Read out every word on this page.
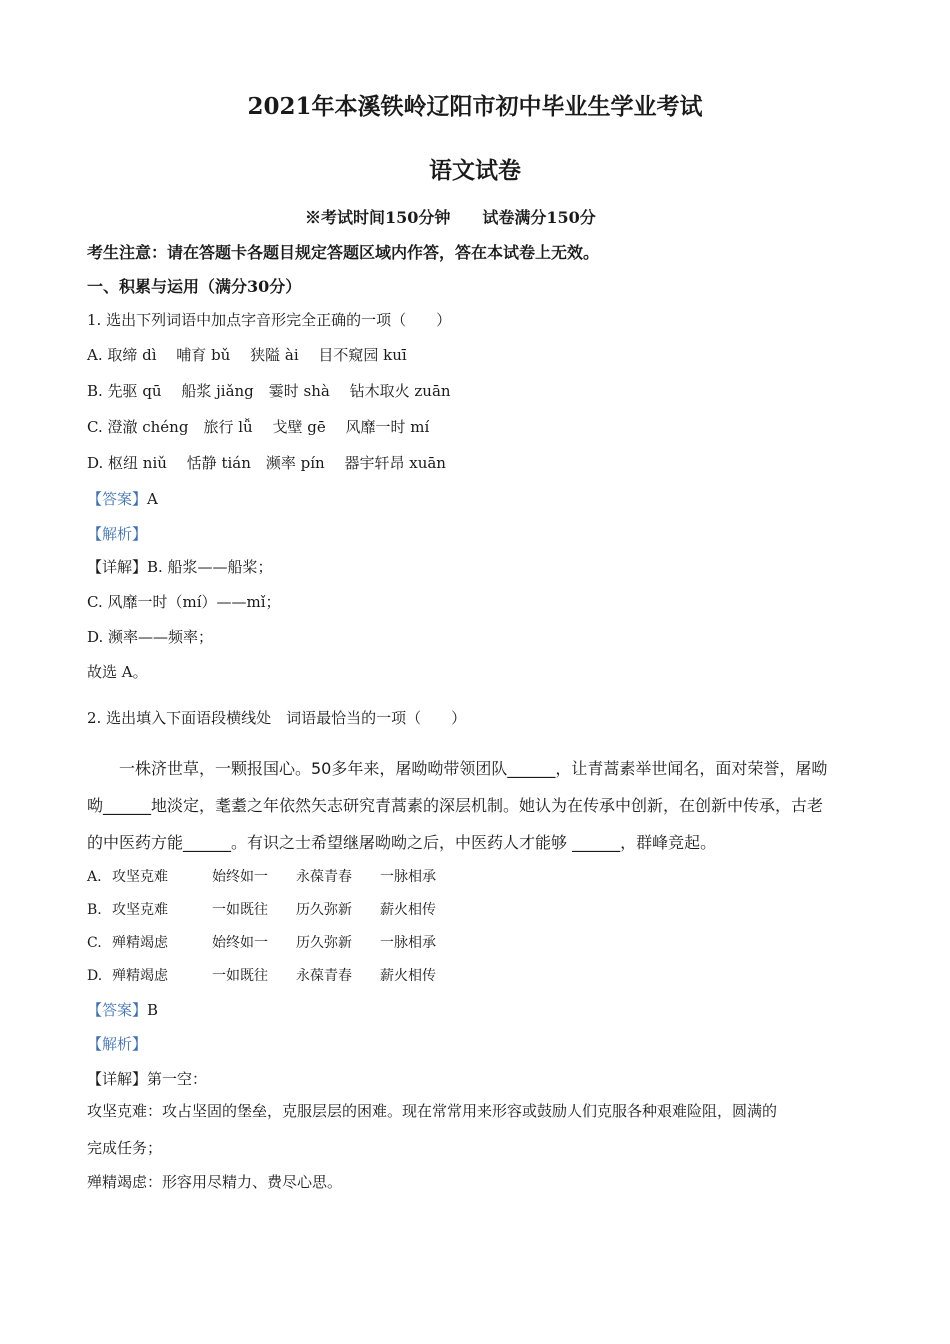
2021年本溪铁岭辽阳市初中毕业生学业考试
语文试卷
※考试时间150分钟　　试卷满分150分
考生注意：请在答题卡各题目规定答题区域内作答，答在本试卷上无效。
一、积累与运用（满分30分）
1. 选出下列词语中加点字音形完全正确的一项（　　）
A. 取缔 dì　 哺育 bǔ　 狭隘 ài　 目不窥园 kuī
B. 先驱 qū　 船浆 jiǎng　霎时 shà　 钻木取火 zuān
C. 澄澈 chéng　旅行 lǚ　 戈壁 gē　 风靡一时 mí
D. 枢纽 niǔ　 恬静 tián　濒率 pín　 器宇轩昂 xuān
【答案】A
【解析】
【详解】B. 船浆——船桨；
C. 风靡一时（mí）——mǐ；
D. 濒率——频率；
故选 A。
2. 选出填入下面语段横线处　词语最恰当的一项（　　）
　　一株济世草，一颗报国心。50多年来，屠呦呦带领团队______，让青蒿素举世闻名，面对荣誉，屠呦
呦______地淡定，耄耋之年依然矢志研究青蒿素的深层机制。她认为在传承中创新，在创新中传承，古老
的中医药方能______。有识之士希望继屠呦呦之后，中医药人才能够 ______，群峰竞起。
A. 攻坚克难	始终如一 永葆青春 一脉相承
B. 攻坚克难	一如既往 历久弥新 薪火相传
C. 殚精竭虑	始终如一 历久弥新 一脉相承
D. 殚精竭虑	一如既往 永葆青春 薪火相传
【答案】B
【解析】
【详解】第一空：
攻坚克难：攻占坚固的堡垒，克服层层的困难。现在常常用来形容或鼓励人们克服各种艰难险阻，圆满的
完成任务；
殚精竭虑：形容用尽精力、费尽心思。
